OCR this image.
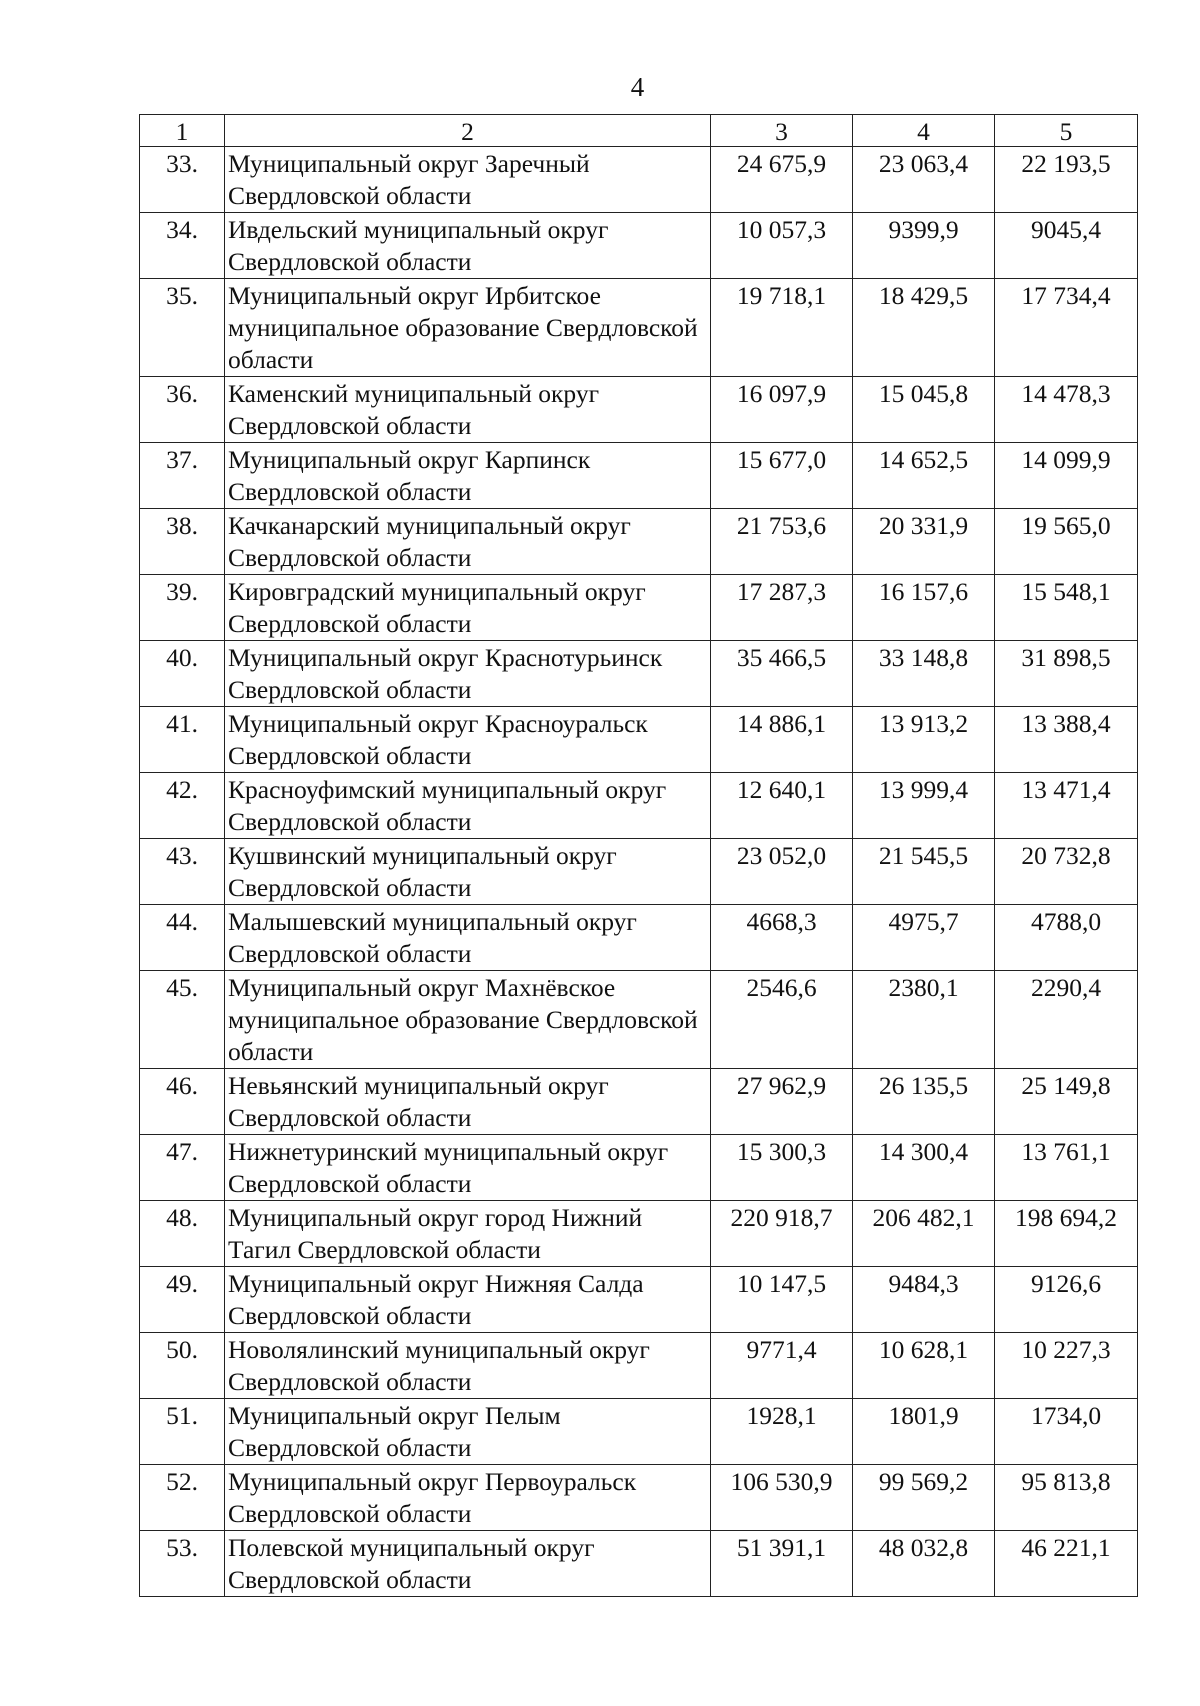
4
1	2	3	4	5
33.	Муниципальный округ Заречный Свердловской области	24 675,9	23 063,4	22 193,5
34.	Ивдельский муниципальный округ Свердловской области	10 057,3	9399,9	9045,4
35.	Муниципальный округ Ирбитское муниципальное образование Свердловской области	19 718,1	18 429,5	17 734,4
36.	Каменский муниципальный округ Свердловской области	16 097,9	15 045,8	14 478,3
37.	Муниципальный округ Карпинск Свердловской области	15 677,0	14 652,5	14 099,9
38.	Качканарский муниципальный округ Свердловской области	21 753,6	20 331,9	19 565,0
39.	Кировградский муниципальный округ Свердловской области	17 287,3	16 157,6	15 548,1
40.	Муниципальный округ Краснотурьинск Свердловской области	35 466,5	33 148,8	31 898,5
41.	Муниципальный округ Красноуральск Свердловской области	14 886,1	13 913,2	13 388,4
42.	Красноуфимский муниципальный округ Свердловской области	12 640,1	13 999,4	13 471,4
43.	Кушвинский муниципальный округ Свердловской области	23 052,0	21 545,5	20 732,8
44.	Малышевский муниципальный округ Свердловской области	4668,3	4975,7	4788,0
45.	Муниципальный округ Махнёвское муниципальное образование Свердловской области	2546,6	2380,1	2290,4
46.	Невьянский муниципальный округ Свердловской области	27 962,9	26 135,5	25 149,8
47.	Нижнетуринский муниципальный округ Свердловской области	15 300,3	14 300,4	13 761,1
48.	Муниципальный округ город Нижний Тагил Свердловской области	220 918,7	206 482,1	198 694,2
49.	Муниципальный округ Нижняя Салда Свердловской области	10 147,5	9484,3	9126,6
50.	Новолялинский муниципальный округ Свердловской области	9771,4	10 628,1	10 227,3
51.	Муниципальный округ Пелым Свердловской области	1928,1	1801,9	1734,0
52.	Муниципальный округ Первоуральск Свердловской области	106 530,9	99 569,2	95 813,8
53.	Полевской муниципальный округ Свердловской области	51 391,1	48 032,8	46 221,1
